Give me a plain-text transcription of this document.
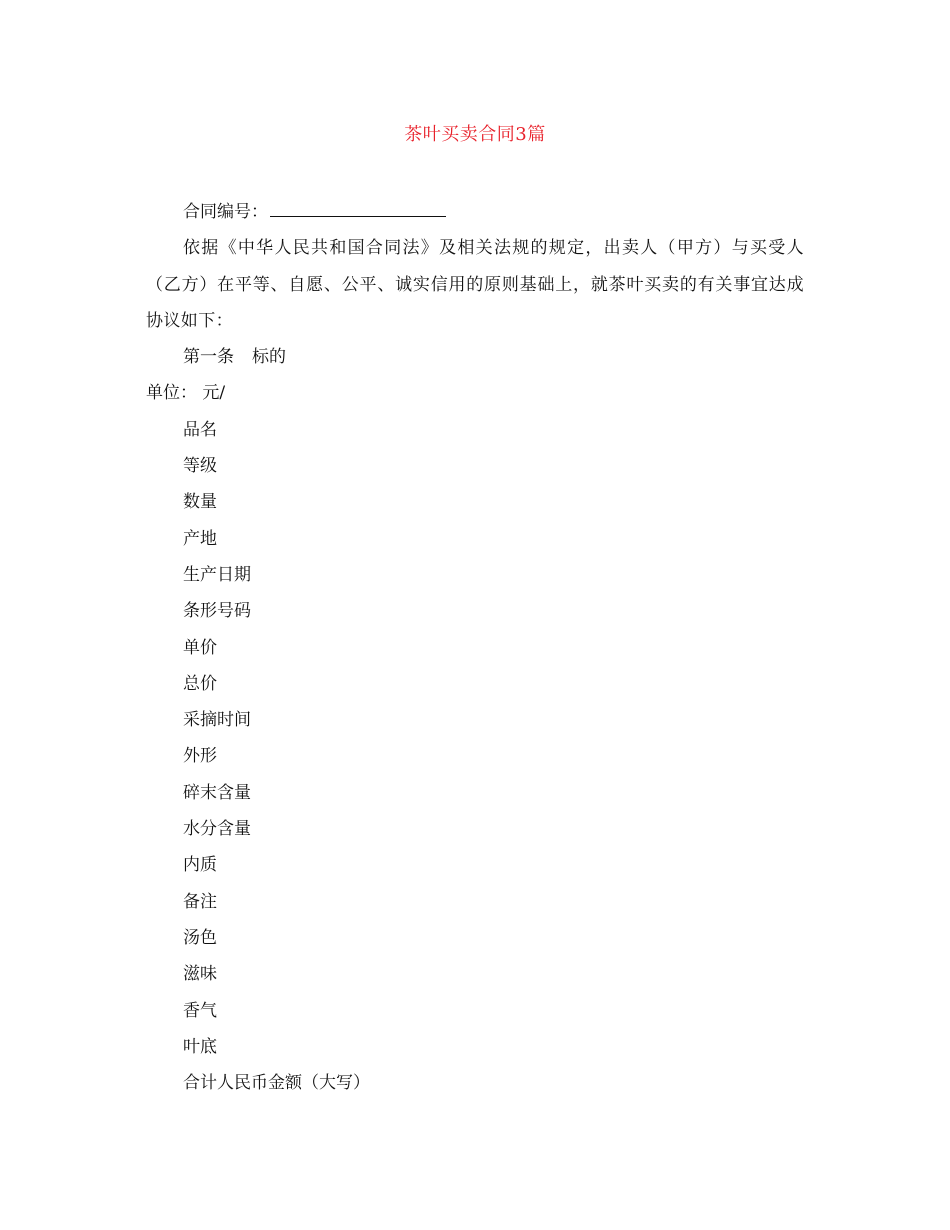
茶叶买卖合同3篇
合同编号：
依据《中华人民共和国合同法》及相关法规的规定，出卖人（甲方）与买受人（乙方）在平等、自愿、公平、诚实信用的原则基础上，就茶叶买卖的有关事宜达成协议如下：
第一条 标的
单位： 元/
品名
等级
数量
产地
生产日期
条形号码
单价
总价
采摘时间
外形
碎末含量
水分含量
内质
备注
汤色
滋味
香气
叶底
合计人民币金额（大写）
